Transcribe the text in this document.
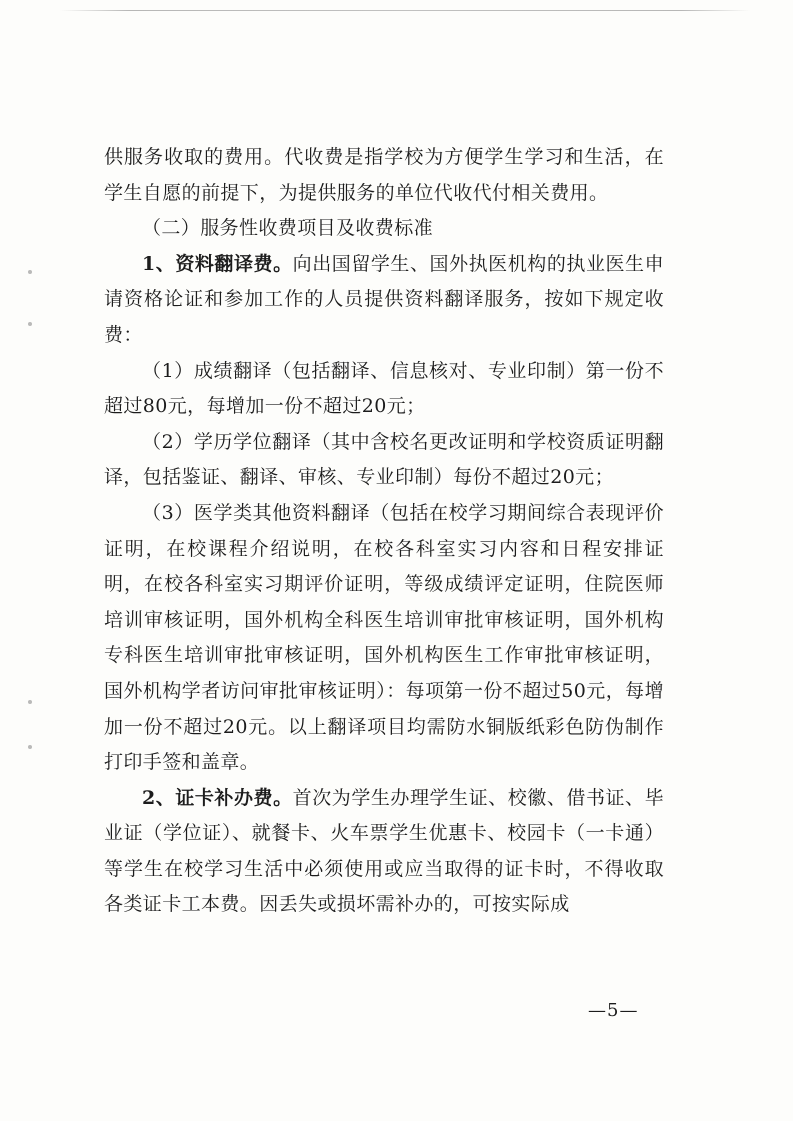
供服务收取的费用。代收费是指学校为方便学生学习和生活，在学生自愿的前提下，为提供服务的单位代收代付相关费用。

（二）服务性收费项目及收费标准

1、资料翻译费。向出国留学生、国外执医机构的执业医生申请资格论证和参加工作的人员提供资料翻译服务，按如下规定收费：

（1）成绩翻译（包括翻译、信息核对、专业印制）第一份不超过80元，每增加一份不超过20元；

（2）学历学位翻译（其中含校名更改证明和学校资质证明翻译，包括鉴证、翻译、审核、专业印制）每份不超过20元；

（3）医学类其他资料翻译（包括在校学习期间综合表现评价证明，在校课程介绍说明，在校各科室实习内容和日程安排证明，在校各科室实习期评价证明，等级成绩评定证明，住院医师培训审核证明，国外机构全科医生培训审批审核证明，国外机构专科医生培训审批审核证明，国外机构医生工作审批审核证明，国外机构学者访问审批审核证明）：每项第一份不超过50元，每增加一份不超过20元。以上翻译项目均需防水铜版纸彩色防伪制作打印手签和盖章。

2、证卡补办费。首次为学生办理学生证、校徽、借书证、毕业证（学位证）、就餐卡、火车票学生优惠卡、校园卡（一卡通）等学生在校学习生活中必须使用或应当取得的证卡时，不得收取各类证卡工本费。因丢失或损坏需补办的，可按实际成

—5—
